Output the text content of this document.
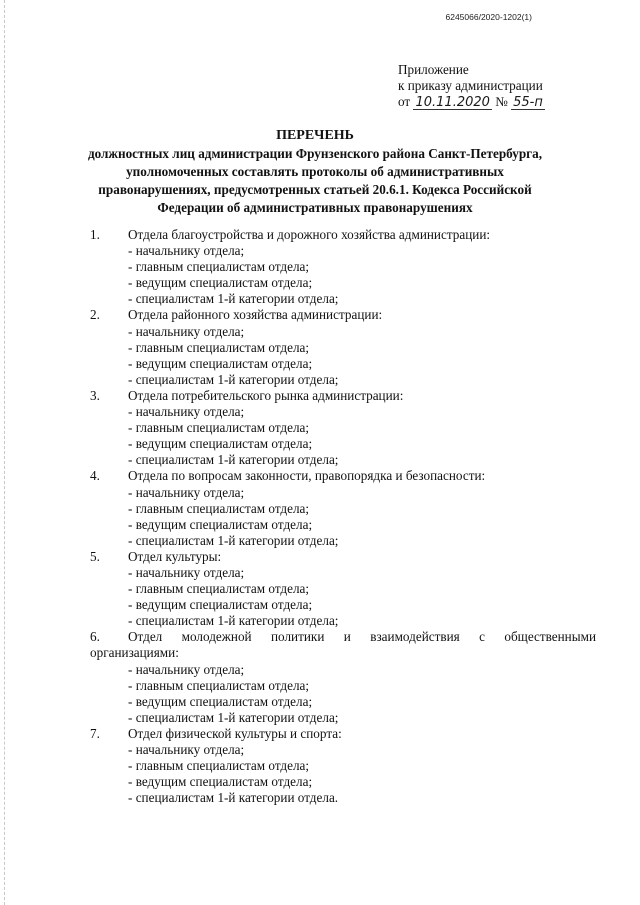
6245066/2020-1202(1)
Приложение
к приказу администрации
от 10.11.2020 № 55-п
ПЕРЕЧЕНЬ
должностных лиц администрации Фрунзенского района Санкт-Петербурга,
уполномоченных составлять протоколы об административных
правонарушениях, предусмотренных статьей 20.6.1. Кодекса Российской
Федерации об административных правонарушениях
1.	Отдела благоустройства и дорожного хозяйства администрации:
- начальнику отдела;
- главным специалистам отдела;
- ведущим специалистам отдела;
- специалистам 1-й категории отдела;
2.	Отдела районного хозяйства администрации:
- начальнику отдела;
- главным специалистам отдела;
- ведущим специалистам отдела;
- специалистам 1-й категории отдела;
3.	Отдела потребительского рынка администрации:
- начальнику отдела;
- главным специалистам отдела;
- ведущим специалистам отдела;
- специалистам 1-й категории отдела;
4.	Отдела по вопросам законности, правопорядка и безопасности:
- начальнику отдела;
- главным специалистам отдела;
- ведущим специалистам отдела;
- специалистам 1-й категории отдела;
5.	Отдел культуры:
- начальнику отдела;
- главным специалистам отдела;
- ведущим специалистам отдела;
- специалистам 1-й категории отдела;
6.	Отдел молодежной политики и взаимодействия с общественными
организациями:
- начальнику отдела;
- главным специалистам отдела;
- ведущим специалистам отдела;
- специалистам 1-й категории отдела;
7.	Отдел физической культуры и спорта:
- начальнику отдела;
- главным специалистам отдела;
- ведущим специалистам отдела;
- специалистам 1-й категории отдела.
